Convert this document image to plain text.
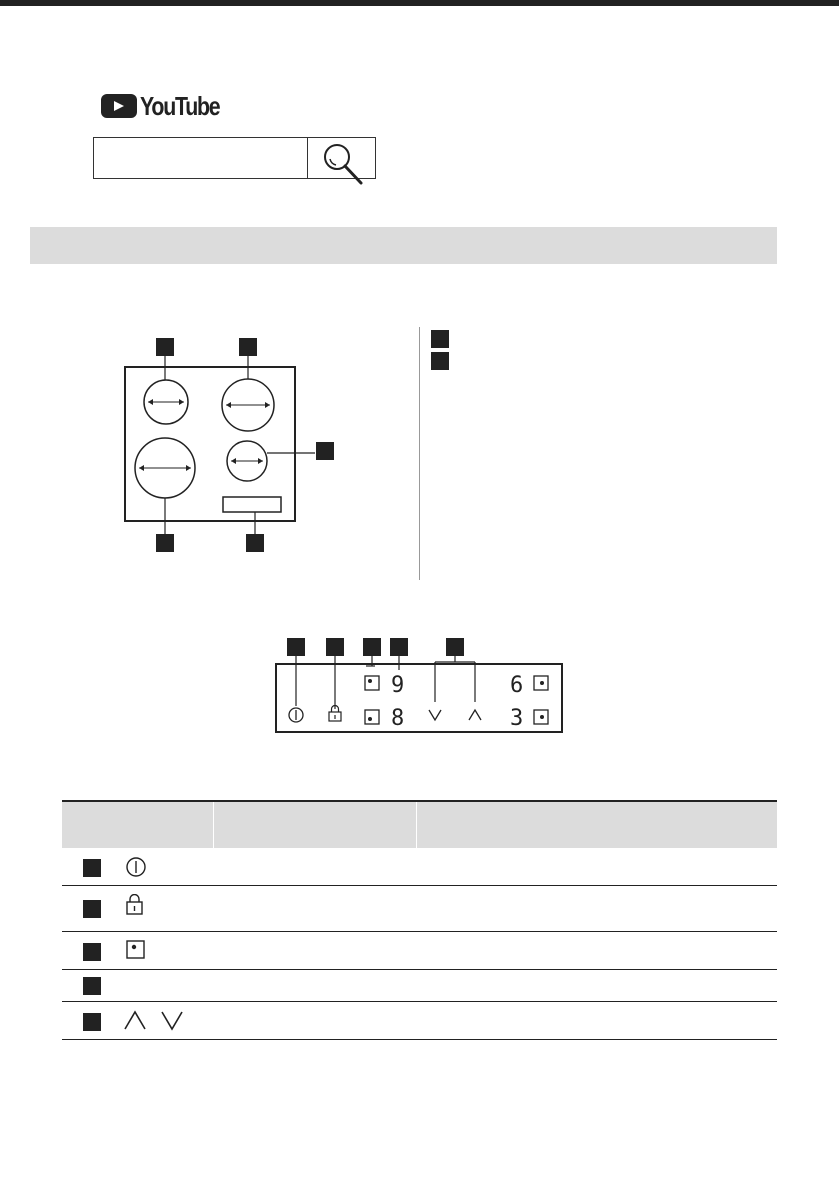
YouTube
9
8
6
3
